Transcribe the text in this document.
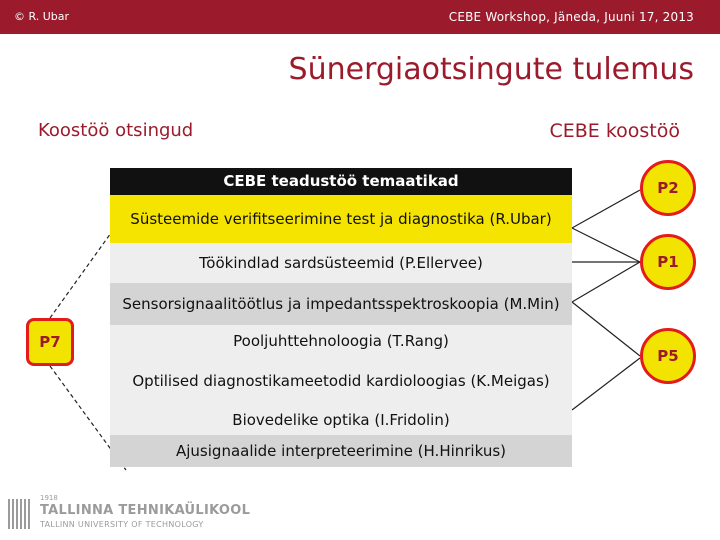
© R. Ubar	CEBE Workshop, Jäneda, Juuni 17, 2013
Sünergiaotsingute tulemus
Koostöö otsingud	CEBE koostöö
CEBE teadustöö temaatikad
Süsteemide verifitseerimine test ja diagnostika (R.Ubar)
Töökindlad sardsüsteemid (P.Ellervee)
Sensorsignaalitöötlus ja impedantsspektroskoopia (M.Min)
Pooljuhttehnoloogia (T.Rang)
Optilised diagnostikameetodid kardioloogias (K.Meigas)
Biovedelike optika (I.Fridolin)
Ajusignaalide interpreteerimine (H.Hinrikus)
P2
P1
P5
P7
1918
TALLINNA TEHNIKAÜLIKOOL
TALLINN UNIVERSITY OF TECHNOLOGY
